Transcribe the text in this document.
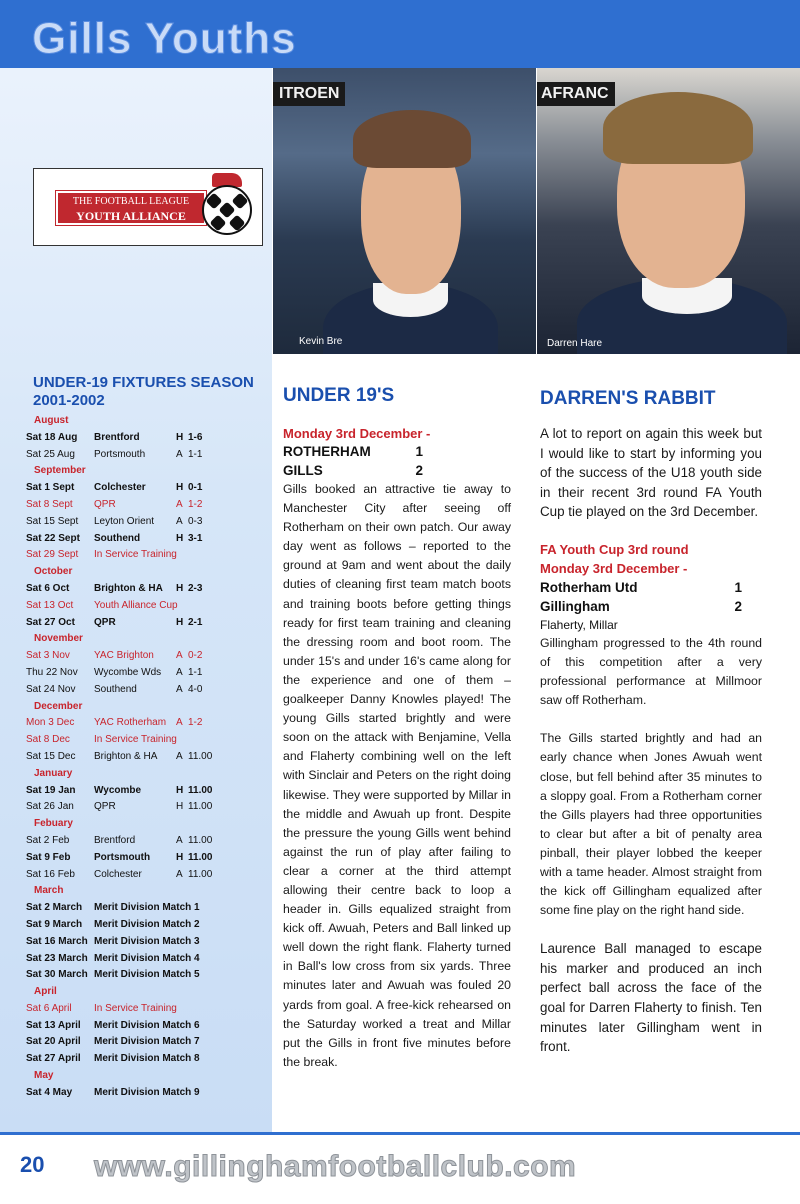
Gills Youths
THE FOOTBALL LEAGUE
YOUTH ALLIANCE
UNDER-19 FIXTURES SEASON 2001-2002
August
Sat 18 Aug	Brentford	H 1-6
Sat 25 Aug	Portsmouth	A 1-1
September
Sat 1 Sept	Colchester	H 0-1
Sat 8 Sept	QPR	A 1-2
Sat 15 Sept	Leyton Orient	A 0-3
Sat 22 Sept	Southend	H 3-1
Sat 29 Sept	In Service Training
October
Sat 6 Oct	Brighton & HA	H 2-3
Sat 13 Oct	Youth Alliance Cup
Sat 27 Oct	QPR	H 2-1
November
Sat 3 Nov	YAC Brighton	A 0-2
Thu 22 Nov	Wycombe Wds	A 1-1
Sat 24 Nov	Southend	A 4-0
December
Mon 3 Dec	YAC Rotherham A 1-2
Sat 8 Dec	In Service Training
Sat 15 Dec	Brighton & HA	A 11.00
January
Sat 19 Jan	Wycombe	H 11.00
Sat 26 Jan	QPR	H 11.00
Febuary
Sat 2 Feb	Brentford	A 11.00
Sat 9 Feb	Portsmouth	H 11.00
Sat 16 Feb	Colchester	A 11.00
March
Sat 2 March	Merit Division Match 1
Sat 9 March	Merit Division Match 2
Sat 16 March Merit Division Match 3
Sat 23 March Merit Division Match 4
Sat 30 March Merit Division Match 5
April
Sat 6 April	In Service Training
Sat 13 April	Merit Division Match 6
Sat 20 April	Merit Division Match 7
Sat 27 April	Merit Division Match 8
May
Sat 4 May	Merit Division Match 9
ITROEN
Kevin Bre
AFRANC
Darren Hare
UNDER 19'S
Monday 3rd December -
ROTHERHAM	1
GILLS	2

Gills booked an attractive tie away to Manchester City after seeing off Rotherham on their own patch. Our away day went as follows – reported to the ground at 9am and went about the daily duties of cleaning first team match boots and training boots before getting things ready for first team training and cleaning the dressing room and boot room. The under 15's and under 16's came along for the experience and one of them – goalkeeper Danny Knowles played! The young Gills started brightly and were soon on the attack with Benjamine, Vella and Flaherty combining well on the left with Sinclair and Peters on the right doing likewise. They were supported by Millar in the middle and Awuah up front. Despite the pressure the young Gills went behind against the run of play after failing to clear a corner at the third attempt allowing their centre back to loop a header in. Gills equalized straight from kick off. Awuah, Peters and Ball linked up well down the right flank. Flaherty turned in Ball's low cross from six yards. Three minutes later and Awuah was fouled 20 yards from goal. A free-kick rehearsed on the Saturday worked a treat and Millar put the Gills in front five minutes before the break.

DARREN'S RABBIT

A lot to report on again this week but I would like to start by informing you of the success of the U18 youth side in their recent 3rd round FA Youth Cup tie played on the 3rd December.

FA Youth Cup 3rd round
Monday 3rd December -
Rotherham Utd	1
Gillingham	2
Flaherty, Millar

Gillingham progressed to the 4th round of this competition after a very professional performance at Millmoor saw off Rotherham.

The Gills started brightly and had an early chance when Jones Awuah went close, but fell behind after 35 minutes to a sloppy goal. From a Rotherham corner the Gills players had three opportunities to clear but after a bit of penalty area pinball, their player lobbed the keeper with a tame header. Almost straight from the kick off Gillingham equalized after some fine play on the right hand side.

Laurence Ball managed to escape his marker and produced an inch perfect ball across the face of the goal for Darren Flaherty to finish. Ten minutes later Gillingham went in front.

20 www.gillinghamfootballclub.com
